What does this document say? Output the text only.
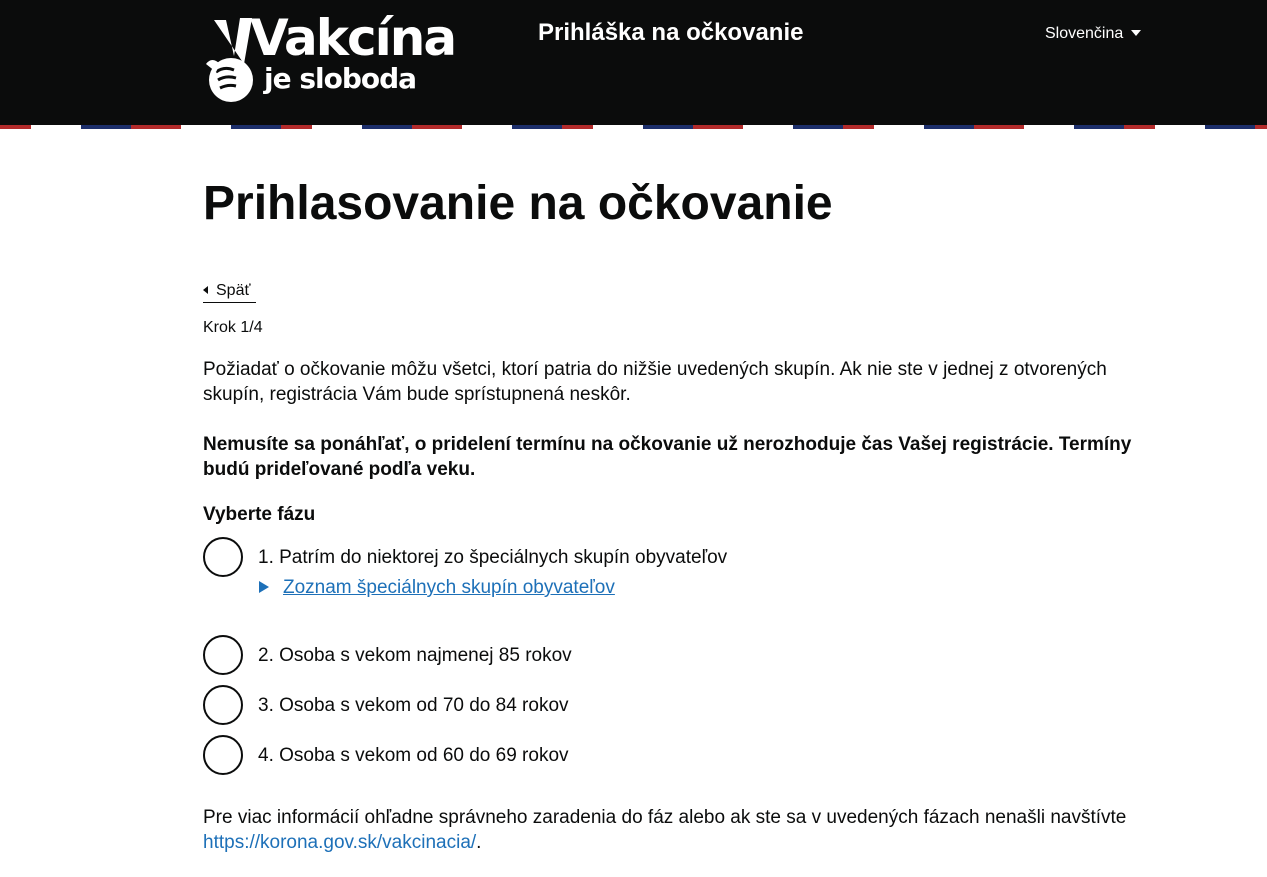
Vakcína
je sloboda
Prihláška na očkovanie	Slovenčina
Prihlasovanie na očkovanie
Späť
Krok 1/4

Požiadať o očkovanie môžu všetci, ktorí patria do nižšie uvedených skupín. Ak nie ste v jednej z otvorených skupín, registrácia Vám bude sprístupnená neskôr.

Nemusíte sa ponáhľať, o pridelení termínu na očkovanie už nerozhoduje čas Vašej registrácie. Termíny budú prideľované podľa veku.

Vyberte fázu
1. Patrím do niektorej zo špeciálnych skupín obyvateľov
Zoznam špeciálnych skupín obyvateľov
2. Osoba s vekom najmenej 85 rokov
3. Osoba s vekom od 70 do 84 rokov
4. Osoba s vekom od 60 do 69 rokov

Pre viac informácií ohľadne správneho zaradenia do fáz alebo ak ste sa v uvedených fázach nenašli navštívte https://korona.gov.sk/vakcinacia/.
